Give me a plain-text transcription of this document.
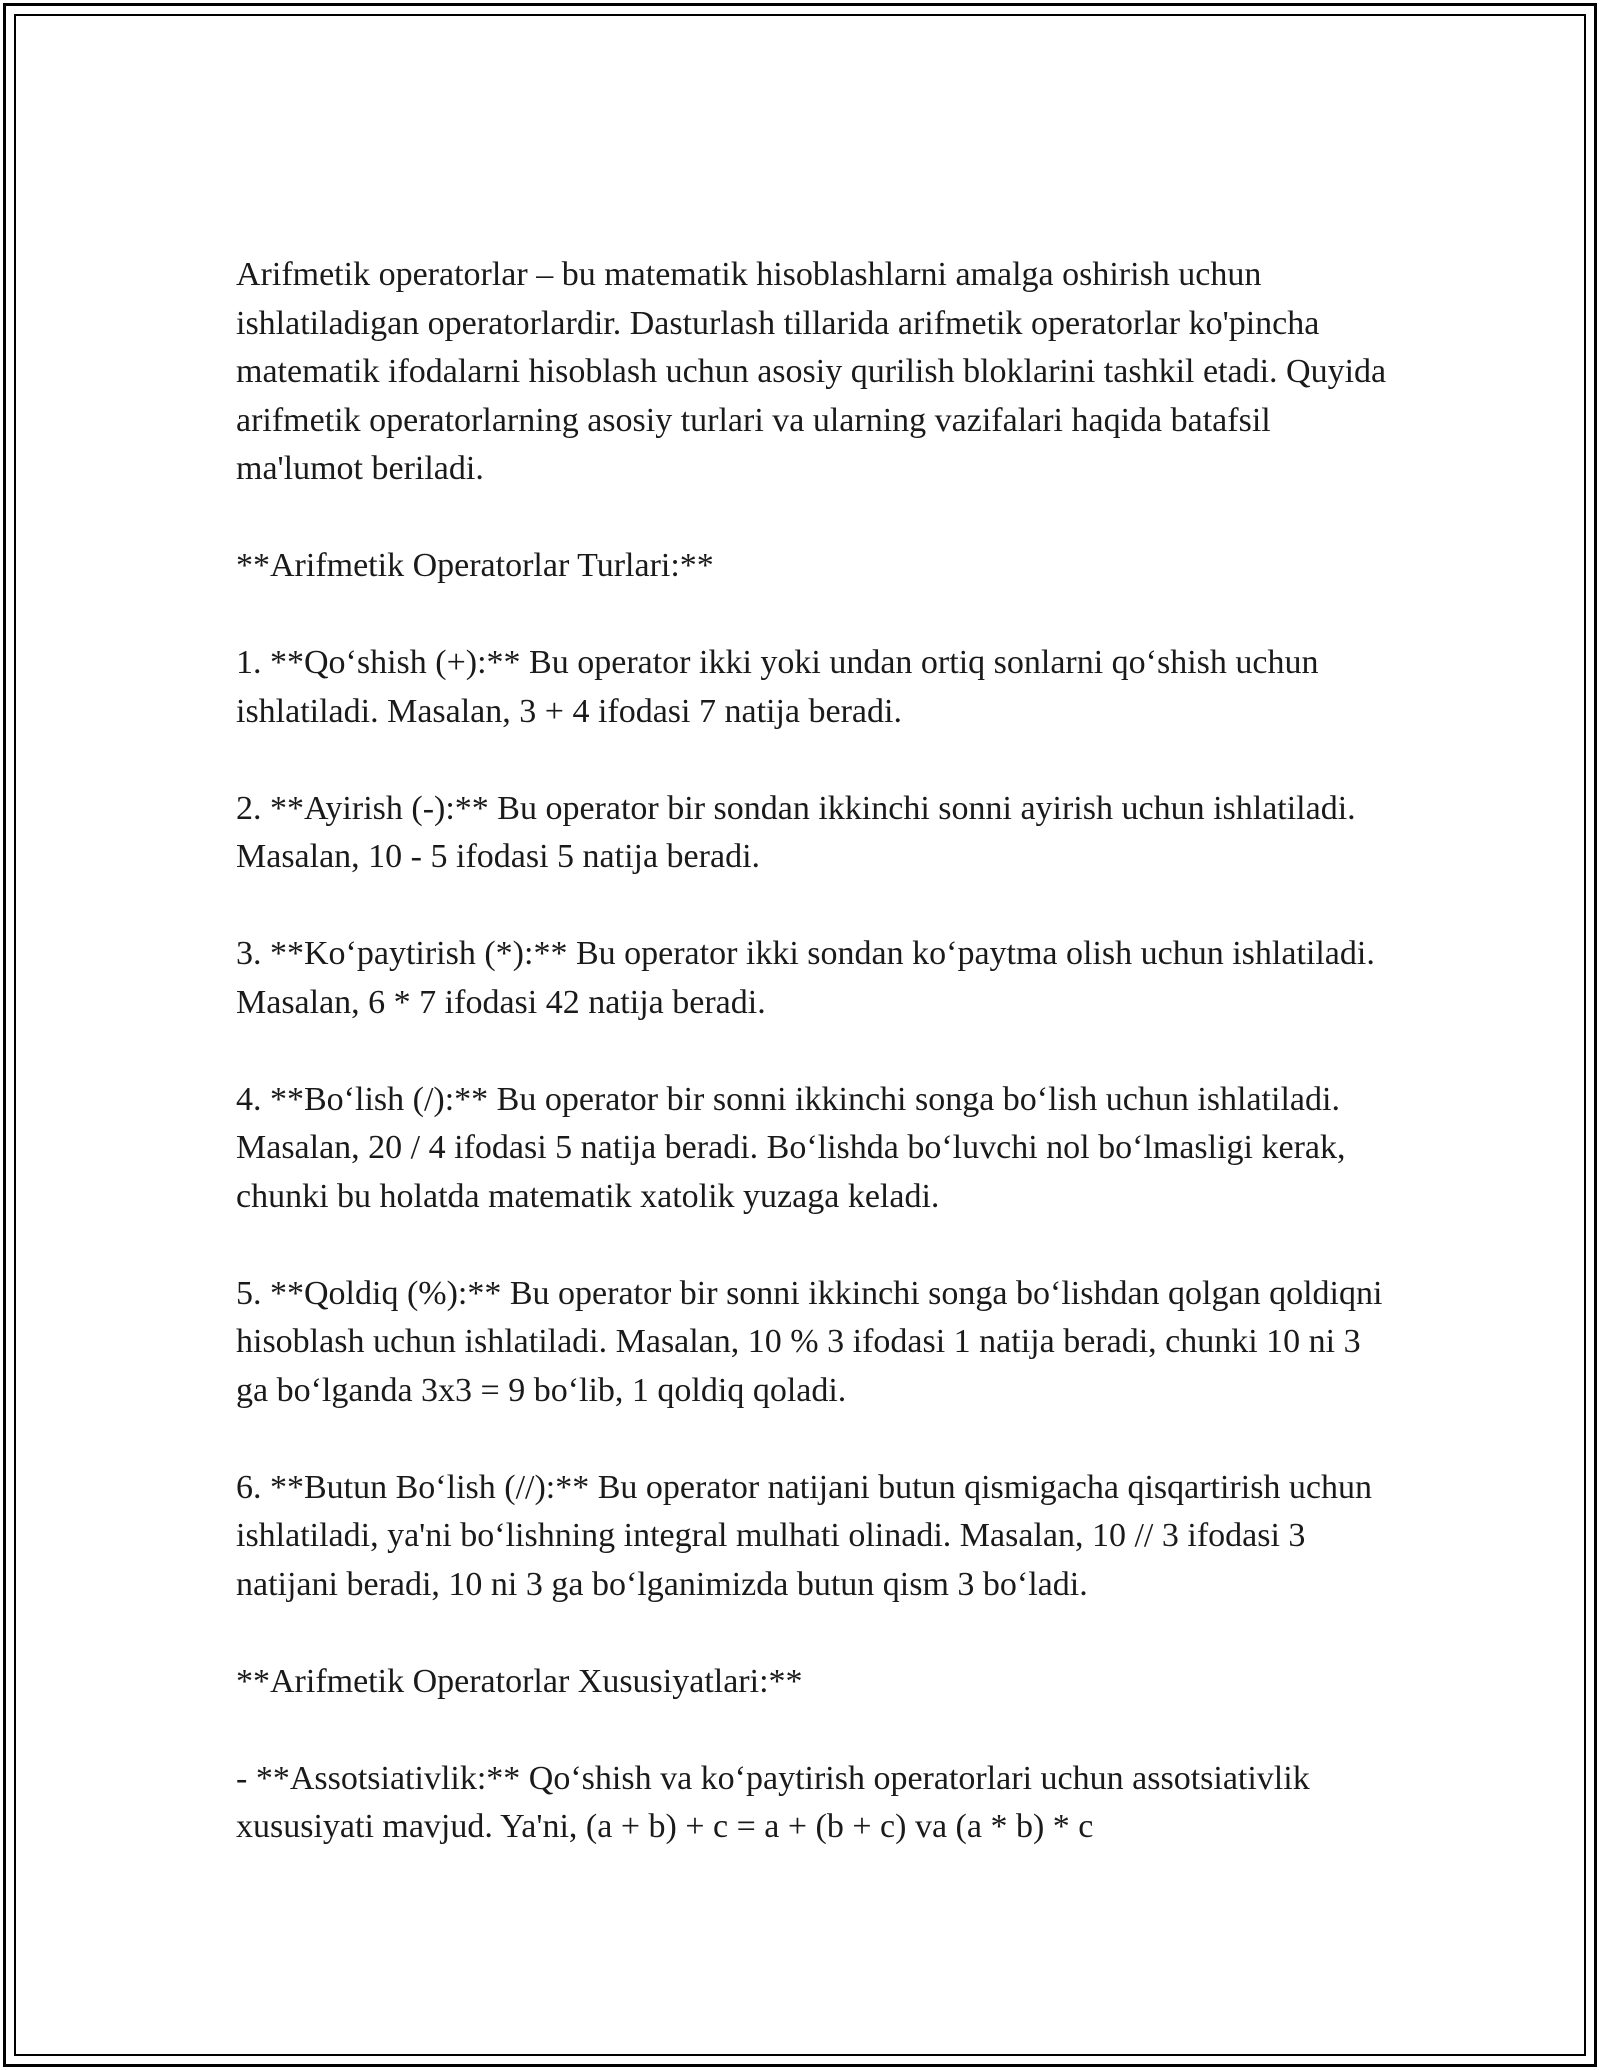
Arifmetik operatorlar – bu matematik hisoblashlarni amalga oshirish uchun ishlatiladigan operatorlardir. Dasturlash tillarida arifmetik operatorlar ko'pincha matematik ifodalarni hisoblash uchun asosiy qurilish bloklarini tashkil etadi. Quyida arifmetik operatorlarning asosiy turlari va ularning vazifalari haqida batafsil ma'lumot beriladi.

**Arifmetik Operatorlar Turlari:**

1. **Qo‘shish (+):** Bu operator ikki yoki undan ortiq sonlarni qo‘shish uchun ishlatiladi. Masalan, 3 + 4 ifodasi 7 natija beradi.

2. **Ayirish (-):** Bu operator bir sondan ikkinchi sonni ayirish uchun ishlatiladi. Masalan, 10 - 5 ifodasi 5 natija beradi.

3. **Ko‘paytirish (*):** Bu operator ikki sondan ko‘paytma olish uchun ishlatiladi. Masalan, 6 * 7 ifodasi 42 natija beradi.

4. **Bo‘lish (/):** Bu operator bir sonni ikkinchi songa bo‘lish uchun ishlatiladi. Masalan, 20 / 4 ifodasi 5 natija beradi. Bo‘lishda bo‘luvchi nol bo‘lmasligi kerak, chunki bu holatda matematik xatolik yuzaga keladi.

5. **Qoldiq (%):** Bu operator bir sonni ikkinchi songa bo‘lishdan qolgan qoldiqni hisoblash uchun ishlatiladi. Masalan, 10 % 3 ifodasi 1 natija beradi, chunki 10 ni 3 ga bo‘lganda 3x3 = 9 bo‘lib, 1 qoldiq qoladi.

6. **Butun Bo‘lish (//):** Bu operator natijani butun qismigacha qisqartirish uchun ishlatiladi, ya'ni bo‘lishning integral mulhati olinadi. Masalan, 10 // 3 ifodasi 3 natijani beradi, 10 ni 3 ga bo‘lganimizda butun qism 3 bo‘ladi.

**Arifmetik Operatorlar Xususiyatlari:**

- **Assotsiativlik:** Qo‘shish va ko‘paytirish operatorlari uchun assotsiativlik xususiyati mavjud. Ya'ni, (a + b) + c = a + (b + c) va (a * b) * c
